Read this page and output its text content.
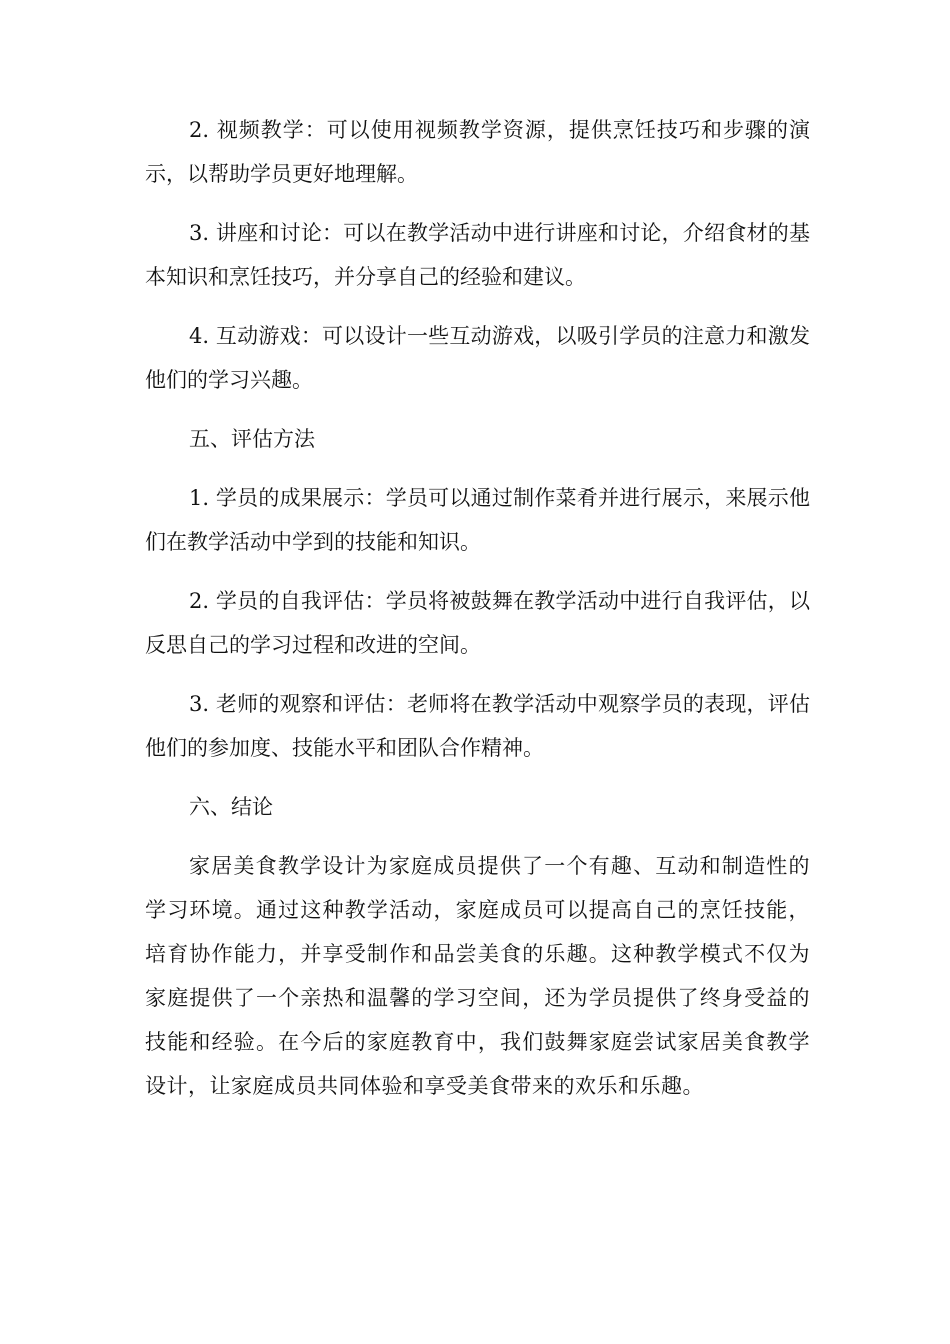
2. 视频教学：可以使用视频教学资源，提供烹饪技巧和步骤的演示，以帮助学员更好地理解。

3. 讲座和讨论：可以在教学活动中进行讲座和讨论，介绍食材的基本知识和烹饪技巧，并分享自己的经验和建议。

4. 互动游戏：可以设计一些互动游戏，以吸引学员的注意力和激发他们的学习兴趣。

五、评估方法

1. 学员的成果展示：学员可以通过制作菜肴并进行展示，来展示他们在教学活动中学到的技能和知识。

2. 学员的自我评估：学员将被鼓舞在教学活动中进行自我评估，以反思自己的学习过程和改进的空间。

3. 老师的观察和评估：老师将在教学活动中观察学员的表现，评估他们的参加度、技能水平和团队合作精神。

六、结论

家居美食教学设计为家庭成员提供了一个有趣、互动和制造性的学习环境。通过这种教学活动，家庭成员可以提高自己的烹饪技能，培育协作能力，并享受制作和品尝美食的乐趣。这种教学模式不仅为家庭提供了一个亲热和温馨的学习空间，还为学员提供了终身受益的技能和经验。在今后的家庭教育中，我们鼓舞家庭尝试家居美食教学设计，让家庭成员共同体验和享受美食带来的欢乐和乐趣。
